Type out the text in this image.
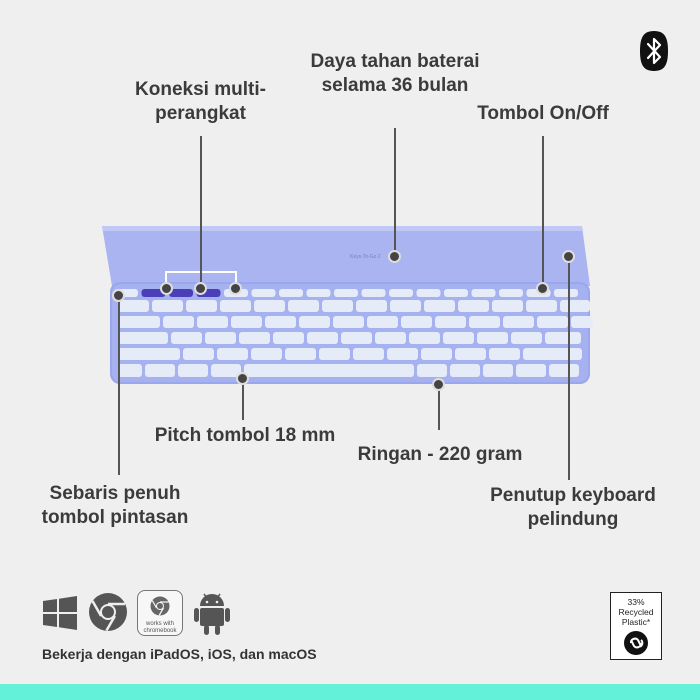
Keys-To-Go 2
Daya tahan baterai
selama 36 bulan
Koneksi multi-
perangkat	Tombol On/Off
Pitch tombol 18 mm
Ringan - 220 gram
Sebaris penuh
tombol pintasan
Penutup keyboard
pelindung
works with
chromebook
Bekerja dengan iPadOS, iOS, dan macOS
33%
Recycled
Plastic*
